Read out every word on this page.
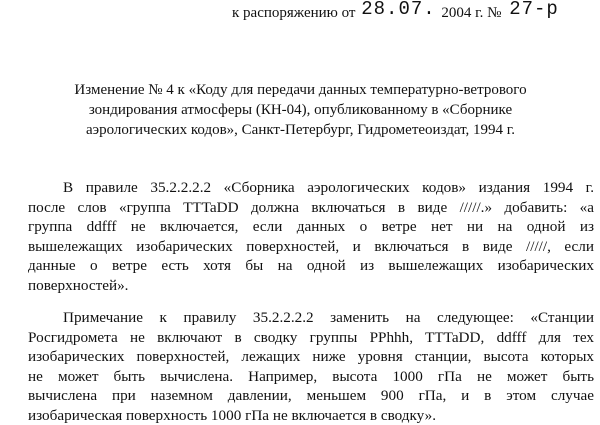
к распоряжению от 28.07. 2004 г. № 27-р
Изменение № 4 к «Коду для передачи данных температурно-ветрового
зондирования атмосферы (КН-04), опубликованному в «Сборнике
аэрологических кодов», Санкт-Петербург, Гидрометеоиздат, 1994 г.
В правиле 35.2.2.2.2 «Сборника аэрологических кодов» издания 1994 г.
после слов «группа TTTaDD должна включаться в виде /////.» добавить: «а
группа ddfff не включается, если данных о ветре нет ни на одной из
вышележащих изобарических поверхностей, и включаться в виде /////, если
данные о ветре есть хотя бы на одной из вышележащих изобарических
поверхностей».
Примечание к правилу 35.2.2.2.2 заменить на следующее: «Станции
Росгидромета не включают в сводку группы PPhhh, TTTaDD, ddfff для тех
изобарических поверхностей, лежащих ниже уровня станции, высота которых
не может быть вычислена. Например, высота 1000 гПа не может быть
вычислена при наземном давлении, меньшем 900 гПа, и в этом случае
изобарическая поверхность 1000 гПа не включается в сводку».
